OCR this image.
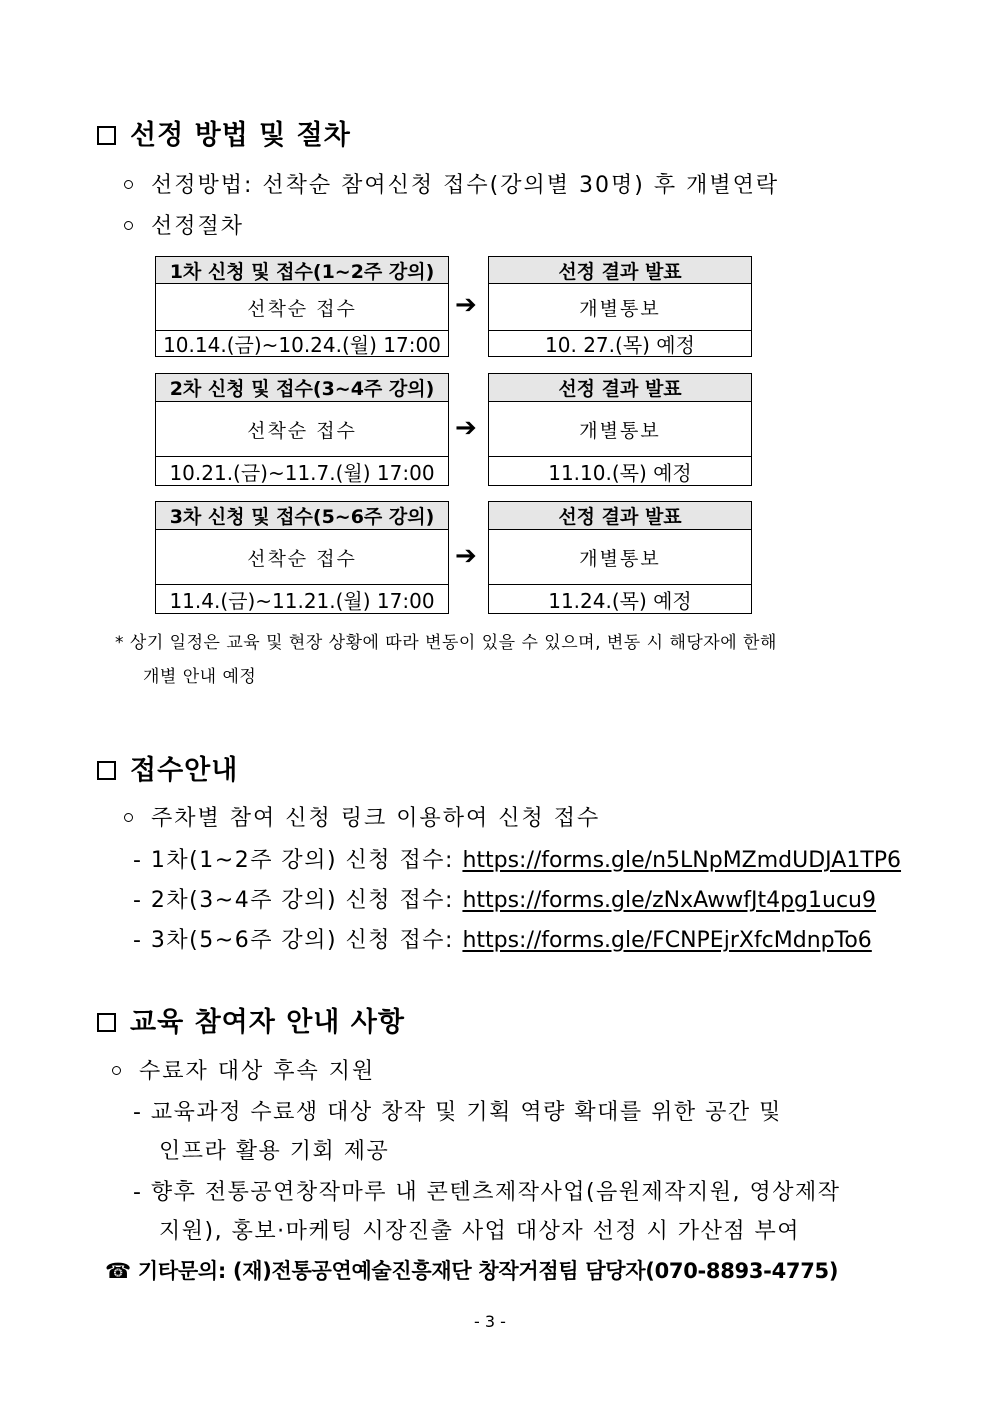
선정 방법 및 절차
선정방법: 선착순 참여신청 접수(강의별 30명) 후 개별연락
선정절차
1차 신청 및 접수(1~2주 강의)
선착순 접수
10.14.(금)~10.24.(월) 17:00
➔
선정 결과 발표
개별통보
10. 27.(목) 예정
2차 신청 및 접수(3~4주 강의)
선착순 접수
10.21.(금)~11.7.(월) 17:00
➔
선정 결과 발표
개별통보
11.10.(목) 예정
3차 신청 및 접수(5~6주 강의)
선착순 접수
11.4.(금)~11.21.(월) 17:00
➔
선정 결과 발표
개별통보
11.24.(목) 예정
* 상기 일정은 교육 및 현장 상황에 따라 변동이 있을 수 있으며, 변동 시 해당자에 한해
개별 안내 예정
접수안내
주차별 참여 신청 링크 이용하여 신청 접수
- 1차(1~2주 강의) 신청 접수: https://forms.gle/n5LNpMZmdUDJA1TP6
- 2차(3~4주 강의) 신청 접수: https://forms.gle/zNxAwwfJt4pg1ucu9
- 3차(5~6주 강의) 신청 접수: https://forms.gle/FCNPEjrXfcMdnpTo6
교육 참여자 안내 사항
수료자 대상 후속 지원
- 교육과정 수료생 대상 창작 및 기획 역량 확대를 위한 공간 및
인프라 활용 기회 제공
- 향후 전통공연창작마루 내 콘텐츠제작사업(음원제작지원, 영상제작
지원), 홍보·마케팅 시장진출 사업 대상자 선정 시 가산점 부여
☎ 기타문의: (재)전통공연예술진흥재단 창작거점팀 담당자(070-8893-4775)
- 3 -
